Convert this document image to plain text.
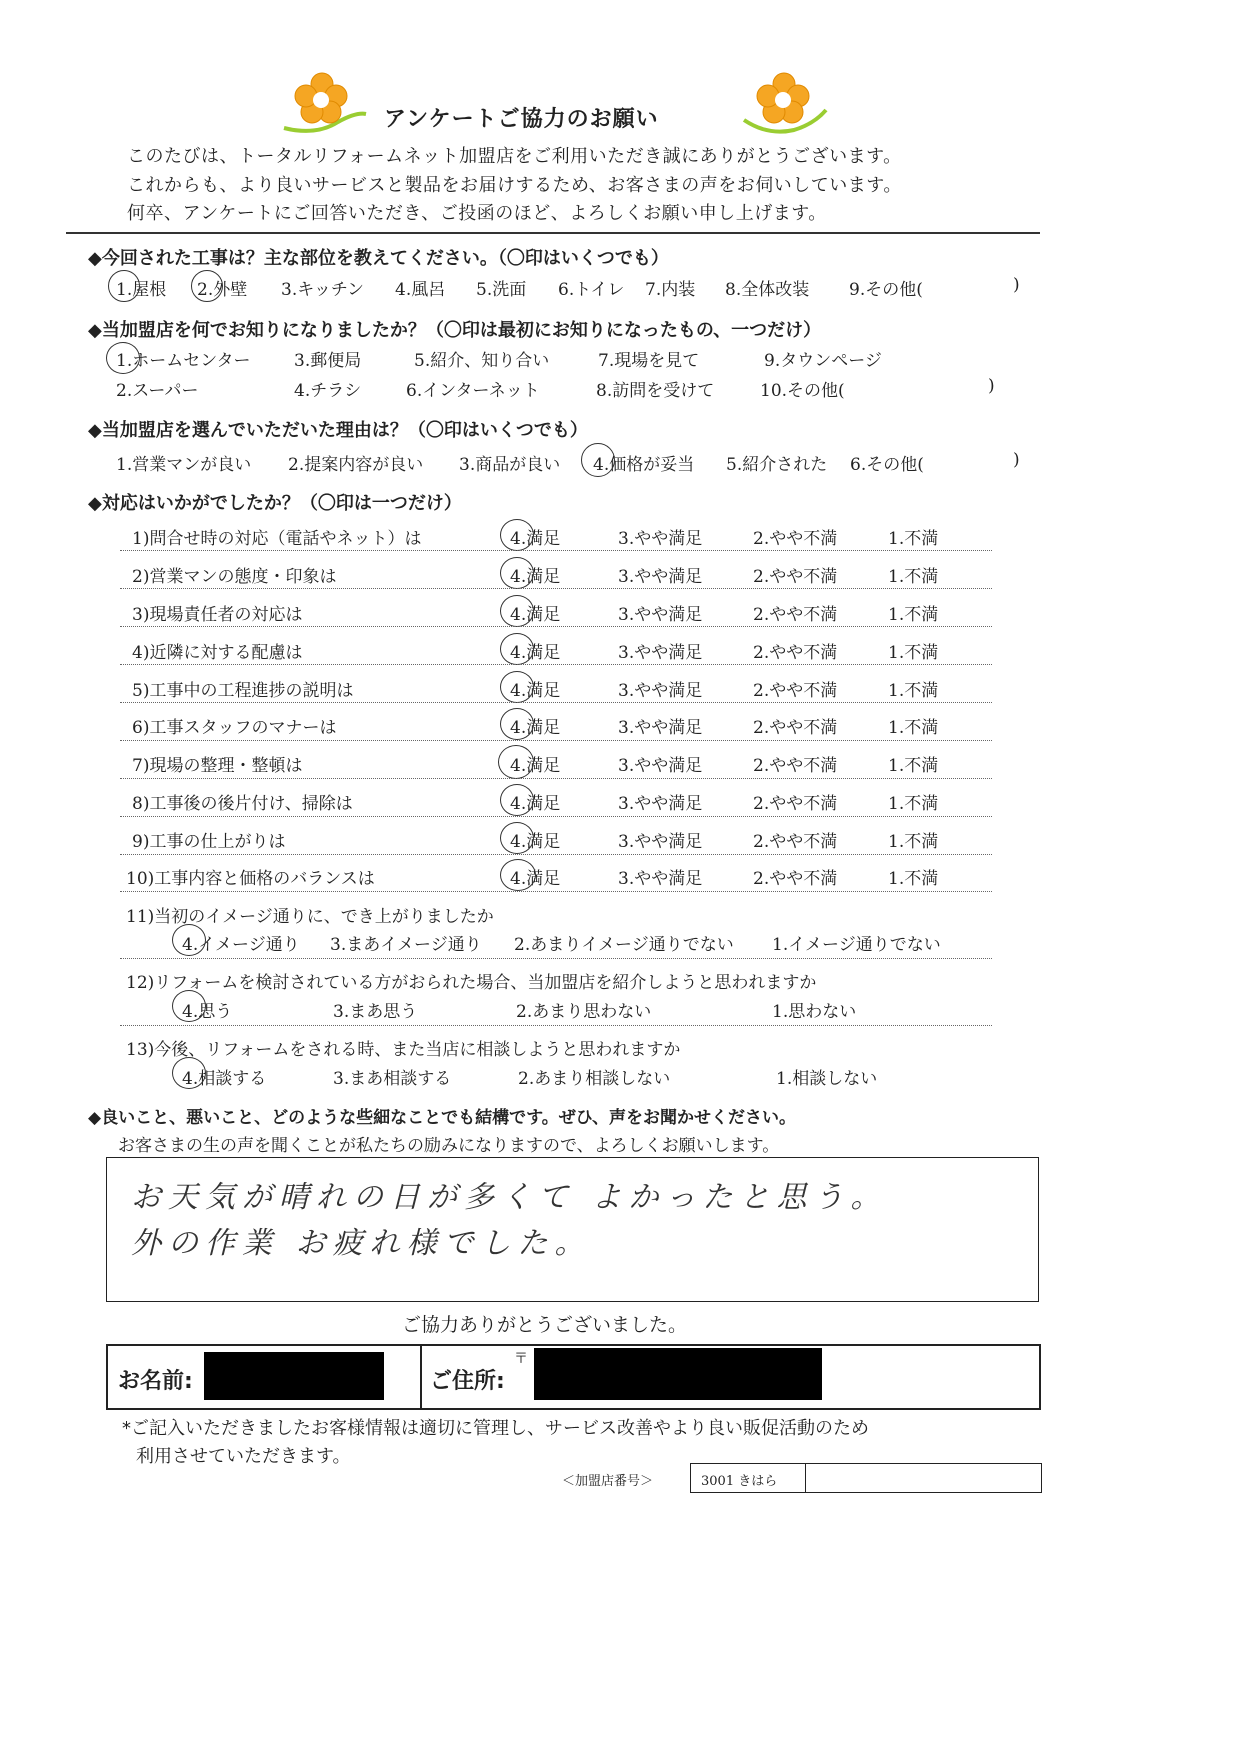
アンケートご協力のお願い
このたびは、トータルリフォームネット加盟店をご利用いただき誠にありがとうございます。
これからも、より良いサービスと製品をお届けするため、お客さまの声をお伺いしています。
何卒、アンケートにご回答いただき、ご投函のほど、よろしくお願い申し上げます。
◆今回された工事は？主な部位を教えてください。（〇印はいくつでも）
1.屋根 2.外壁 3.キッチン 4.風呂 5.洗面 6.トイレ 7.内装 8.全体改装 9.その他(	)
◆当加盟店を何でお知りになりましたか？（〇印は最初にお知りになったもの、一つだけ）
1.ホームセンター	3.郵便局	5.紹介、知り合い	7.現場を見て	9.タウンページ
2.スーパー	4.チラシ	6.インターネット	8.訪問を受けて	10.その他(	)
◆当加盟店を選んでいただいた理由は？（〇印はいくつでも）
1.営業マンが良い 2.提案内容が良い 3.商品が良い 4.価格が妥当 5.紹介された 6.その他(	)
◆対応はいかがでしたか？（〇印は一つだけ）
1)問合せ時の対応（電話やネット）は	4.満足	3.やや満足	2.やや不満	1.不満
2)営業マンの態度・印象は	4.満足	3.やや満足	2.やや不満	1.不満
3)現場責任者の対応は	4.満足	3.やや満足	2.やや不満	1.不満
4)近隣に対する配慮は	4.満足	3.やや満足	2.やや不満	1.不満
5)工事中の工程進捗の説明は	4.満足	3.やや満足	2.やや不満	1.不満
6)工事スタッフのマナーは	4.満足	3.やや満足	2.やや不満	1.不満
7)現場の整理・整頓は	4.満足	3.やや満足	2.やや不満	1.不満
8)工事後の後片付け、掃除は	4.満足	3.やや満足	2.やや不満	1.不満
9)工事の仕上がりは	4.満足	3.やや満足	2.やや不満	1.不満
10)工事内容と価格のバランスは	4.満足	3.やや満足	2.やや不満	1.不満
11)当初のイメージ通りに、でき上がりましたか
4.イメージ通り 3.まあイメージ通り 2.あまりイメージ通りでない 1.イメージ通りでない
12)リフォームを検討されている方がおられた場合、当加盟店を紹介しようと思われますか
4.思う	3.まあ思う	2.あまり思わない	1.思わない
13)今後、リフォームをされる時、また当店に相談しようと思われますか
4.相談する	3.まあ相談する	2.あまり相談しない	1.相談しない
◆良いこと、悪いこと、どのような些細なことでも結構です。ぜひ、声をお聞かせください。
お客さまの生の声を聞くことが私たちの励みになりますので、よろしくお願いします。
お天気が晴れの日が多くて よかったと思う。
外の作業 お疲れ様でした。
ご協力ありがとうございました。
お名前:	ご住所:
〒
*ご記入いただきましたお客様情報は適切に管理し、サービス改善やより良い販促活動のため
利用させていただきます。
＜加盟店番号＞	3001 きはら
